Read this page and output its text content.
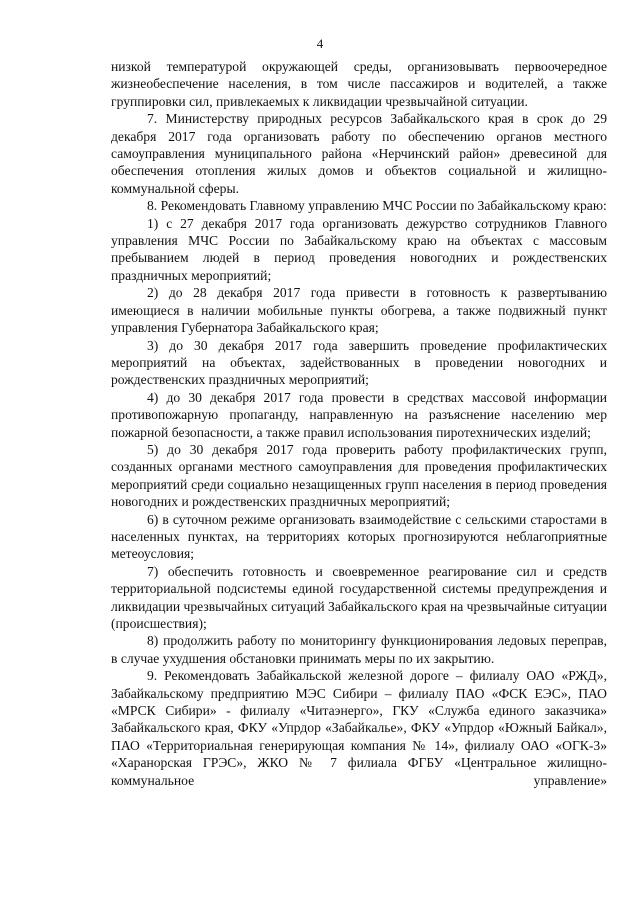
4

низкой температурой окружающей среды, организовывать первоочередное жизнеобеспечение населения, в том числе пассажиров и водителей, а также группировки сил, привлекаемых к ликвидации чрезвычайной ситуации.

7. Министерству природных ресурсов Забайкальского края в срок до 29 декабря 2017 года организовать работу по обеспечению органов местного самоуправления муниципального района «Нерчинский район» древесиной для обеспечения отопления жилых домов и объектов социальной и жилищно-коммунальной сферы.

8. Рекомендовать Главному управлению МЧС России по Забайкальскому краю:

1) с 27 декабря 2017 года организовать дежурство сотрудников Главного управления МЧС России по Забайкальскому краю на объектах с массовым пребыванием людей в период проведения новогодних и рождественских праздничных мероприятий;

2) до 28 декабря 2017 года привести в готовность к развертыванию имеющиеся в наличии мобильные пункты обогрева, а также подвижный пункт управления Губернатора Забайкальского края;

3) до 30 декабря 2017 года завершить проведение профилактических мероприятий на объектах, задействованных в проведении новогодних и рождественских праздничных мероприятий;

4) до 30 декабря 2017 года провести в средствах массовой информации противопожарную пропаганду, направленную на разъяснение населению мер пожарной безопасности, а также правил использования пиротехнических изделий;

5) до 30 декабря 2017 года проверить работу профилактических групп, созданных органами местного самоуправления для проведения профилактических мероприятий среди социально незащищенных групп населения в период проведения новогодних и рождественских праздничных мероприятий;

6) в суточном режиме организовать взаимодействие с сельскими старостами в населенных пунктах, на территориях которых прогнозируются неблагоприятные метеоусловия;

7) обеспечить готовность и своевременное реагирование сил и средств территориальной подсистемы единой государственной системы предупреждения и ликвидации чрезвычайных ситуаций Забайкальского края на чрезвычайные ситуации (происшествия);

8) продолжить работу по мониторингу функционирования ледовых переправ, в случае ухудшения обстановки принимать меры по их закрытию.

9. Рекомендовать Забайкальской железной дороге – филиалу ОАО «РЖД», Забайкальскому предприятию МЭС Сибири – филиалу ПАО «ФСК ЕЭС», ПАО «МРСК Сибири» - филиалу «Читаэнерго», ГКУ «Служба единого заказчика» Забайкальского края, ФКУ «Упрдор «Забайкалье», ФКУ «Упрдор «Южный Байкал», ПАО «Территориальная генерирующая компания № 14», филиалу ОАО «ОГК-3» «Харанорская ГРЭС», ЖКО № 7 филиала ФГБУ «Центральное жилищно-коммунальное управление»
